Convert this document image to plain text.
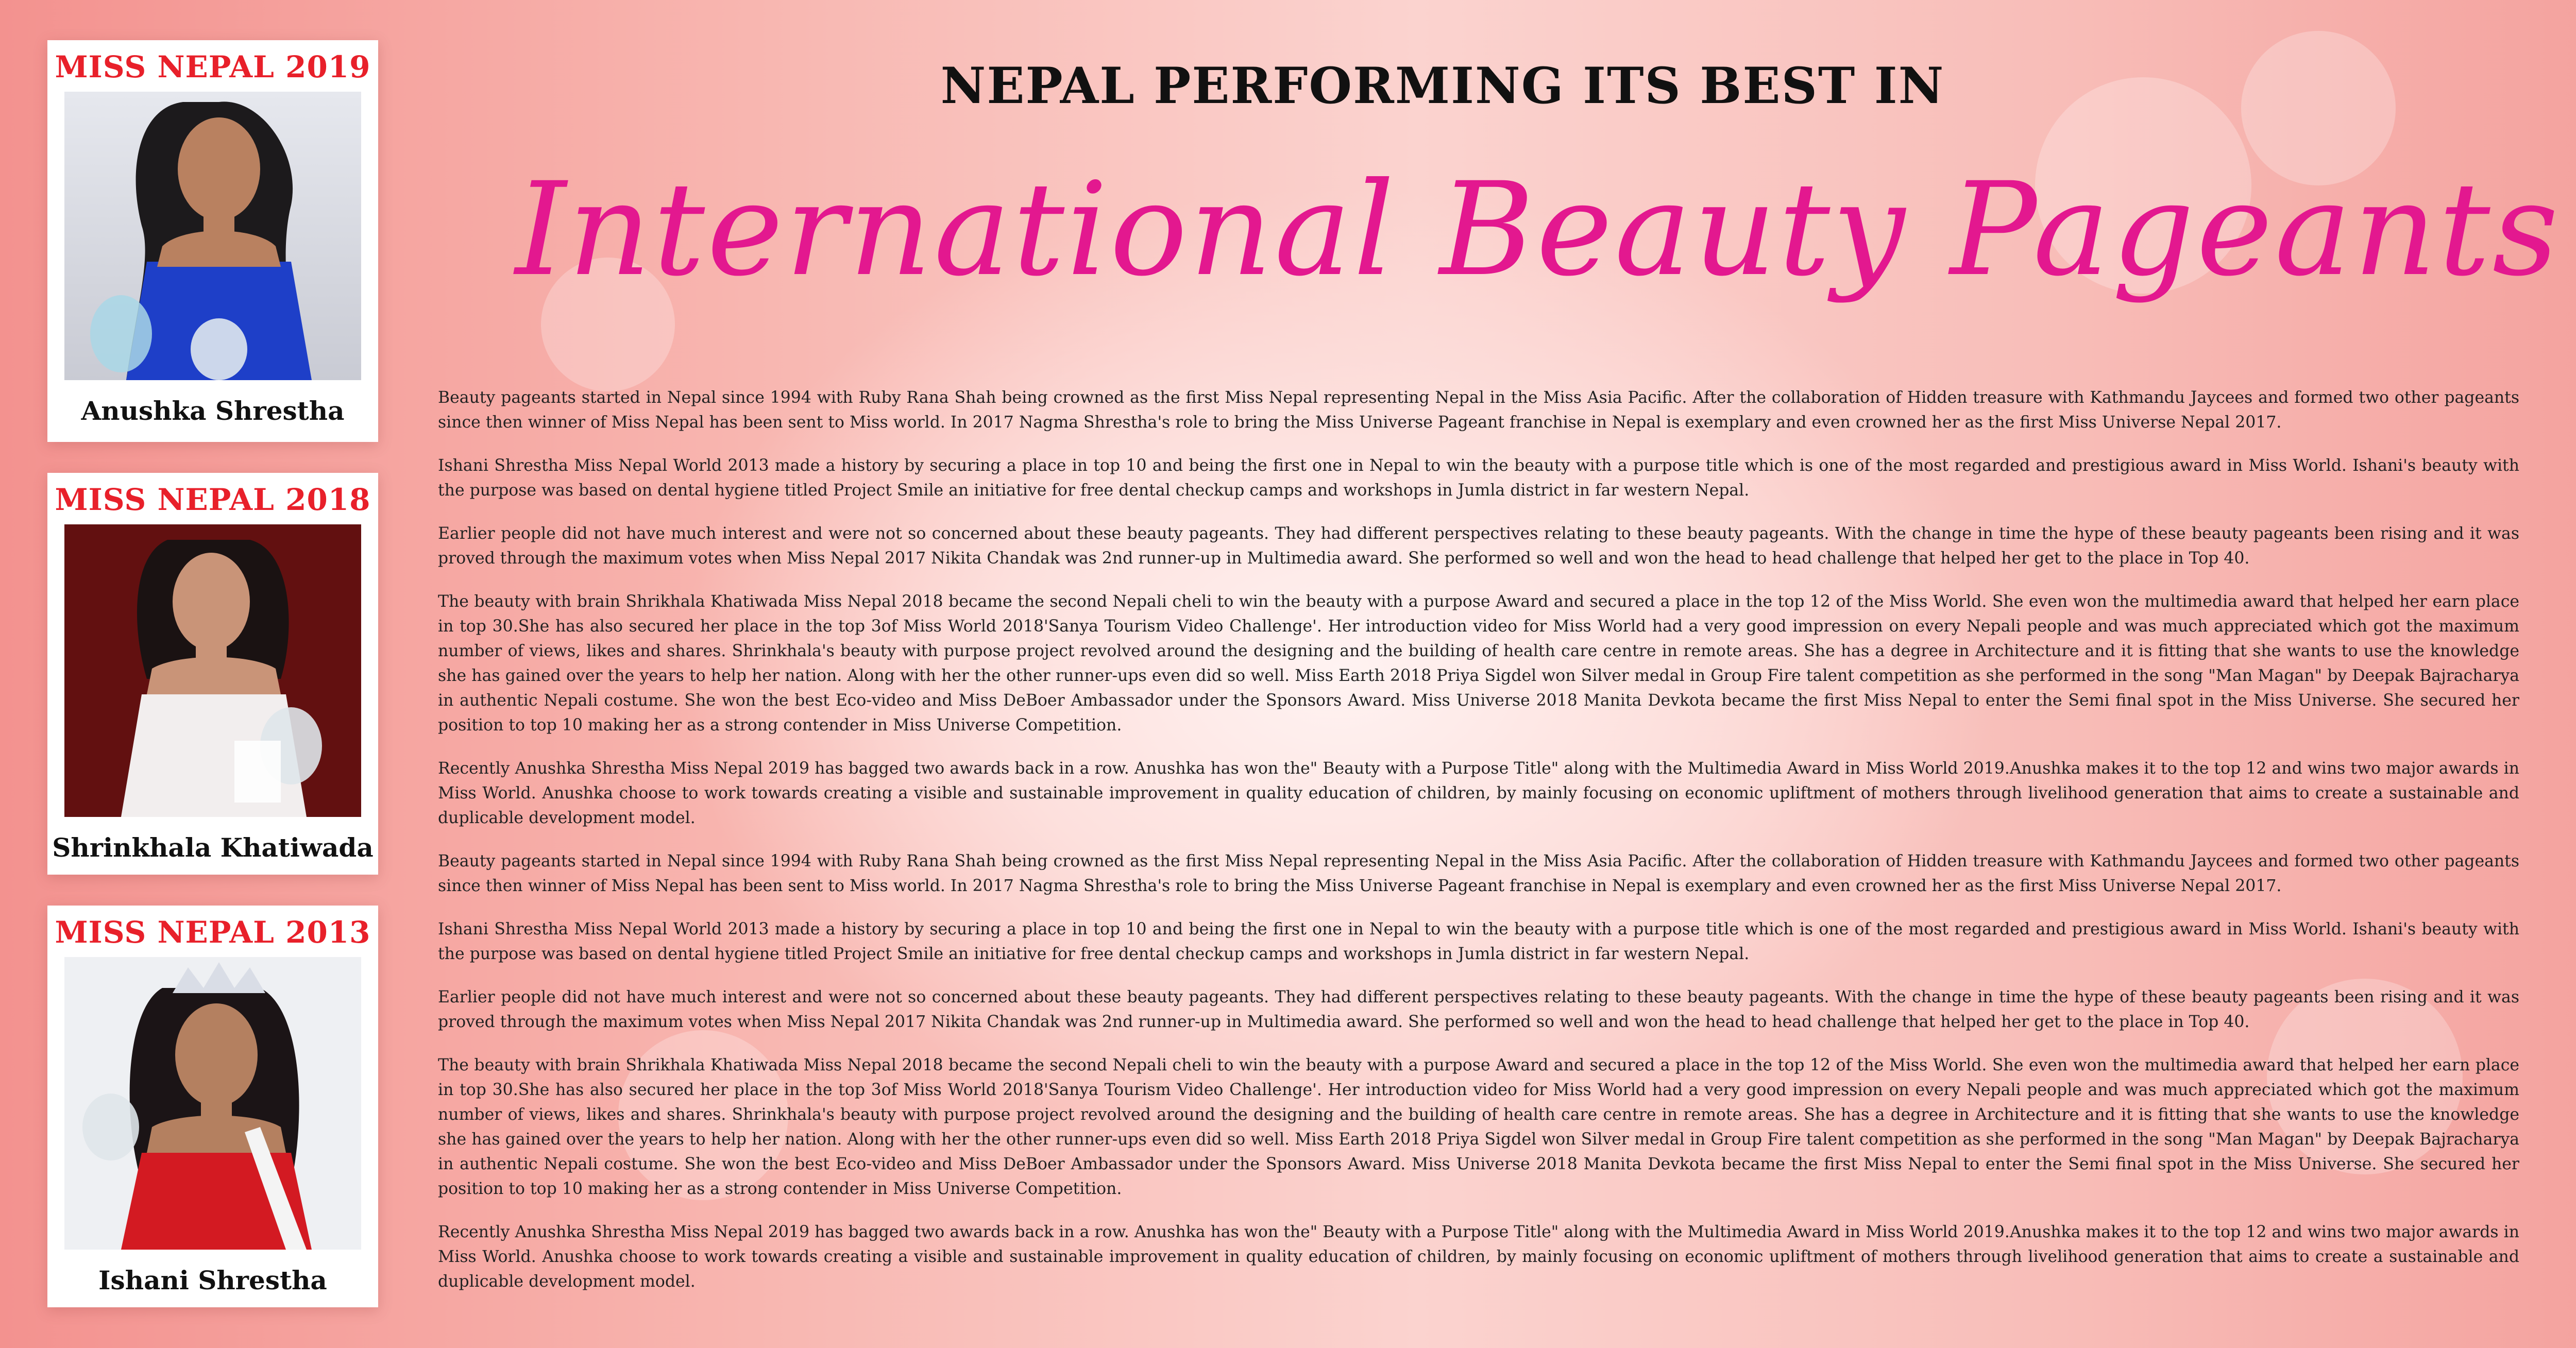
MISS NEPAL 2019
Anushka Shrestha
MISS NEPAL 2018
Shrinkhala Khatiwada
MISS NEPAL 2013
Ishani Shrestha
NEPAL PERFORMING ITS BEST IN
International Beauty Pageants

Beauty pageants started in Nepal since 1994 with Ruby Rana Shah being crowned as the first Miss Nepal representing Nepal in the Miss Asia Pacific. After the collaboration of Hidden treasure with Kathmandu Jaycees and formed two other pageants since then winner of Miss Nepal has been sent to Miss world. In 2017 Nagma Shrestha's role to bring the Miss Universe Pageant franchise in Nepal is exemplary and even crowned her as the first Miss Universe Nepal 2017.

Ishani Shrestha Miss Nepal World 2013 made a history by securing a place in top 10 and being the first one in Nepal to win the beauty with a purpose title which is one of the most regarded and prestigious award in Miss World. Ishani's beauty with the purpose was based on dental hygiene titled Project Smile an initiative for free dental checkup camps and workshops in Jumla district in far western Nepal.

Earlier people did not have much interest and were not so concerned about these beauty pageants. They had different perspectives relating to these beauty pageants. With the change in time the hype of these beauty pageants been rising and it was proved through the maximum votes when Miss Nepal 2017 Nikita Chandak was 2nd runner-up in Multimedia award. She performed so well and won the head to head challenge that helped her get to the place in Top 40.

The beauty with brain Shrikhala Khatiwada Miss Nepal 2018 became the second Nepali cheli to win the beauty with a purpose Award and secured a place in the top 12 of the Miss World. She even won the multimedia award that helped her earn place in top 30.She has also secured her place in the top 3of Miss World 2018'Sanya Tourism Video Challenge'. Her introduction video for Miss World had a very good impression on every Nepali people and was much appreciated which got the maximum number of views, likes and shares. Shrinkhala's beauty with purpose project revolved around the designing and the building of health care centre in remote areas. She has a degree in Architecture and it is fitting that she wants to use the knowledge she has gained over the years to help her nation. Along with her the other runner-ups even did so well. Miss Earth 2018 Priya Sigdel won Silver medal in Group Fire talent competition as she performed in the song "Man Magan" by Deepak Bajracharya in authentic Nepali costume. She won the best Eco-video and Miss DeBoer Ambassador under the Sponsors Award. Miss Universe 2018 Manita Devkota became the first Miss Nepal to enter the Semi final spot in the Miss Universe. She secured her position to top 10 making her as a strong contender in Miss Universe Competition.

Recently Anushka Shrestha Miss Nepal 2019 has bagged two awards back in a row. Anushka has won the" Beauty with a Purpose Title" along with the Multimedia Award in Miss World 2019.Anushka makes it to the top 12 and wins two major awards in Miss World. Anushka choose to work towards creating a visible and sustainable improvement in quality education of children, by mainly focusing on economic upliftment of mothers through livelihood generation that aims to create a sustainable and duplicable development model.

Beauty pageants started in Nepal since 1994 with Ruby Rana Shah being crowned as the first Miss Nepal representing Nepal in the Miss Asia Pacific. After the collaboration of Hidden treasure with Kathmandu Jaycees and formed two other pageants since then winner of Miss Nepal has been sent to Miss world. In 2017 Nagma Shrestha's role to bring the Miss Universe Pageant franchise in Nepal is exemplary and even crowned her as the first Miss Universe Nepal 2017.

Ishani Shrestha Miss Nepal World 2013 made a history by securing a place in top 10 and being the first one in Nepal to win the beauty with a purpose title which is one of the most regarded and prestigious award in Miss World. Ishani's beauty with the purpose was based on dental hygiene titled Project Smile an initiative for free dental checkup camps and workshops in Jumla district in far western Nepal.

Earlier people did not have much interest and were not so concerned about these beauty pageants. They had different perspectives relating to these beauty pageants. With the change in time the hype of these beauty pageants been rising and it was proved through the maximum votes when Miss Nepal 2017 Nikita Chandak was 2nd runner-up in Multimedia award. She performed so well and won the head to head challenge that helped her get to the place in Top 40.

The beauty with brain Shrikhala Khatiwada Miss Nepal 2018 became the second Nepali cheli to win the beauty with a purpose Award and secured a place in the top 12 of the Miss World. She even won the multimedia award that helped her earn place in top 30.She has also secured her place in the top 3of Miss World 2018'Sanya Tourism Video Challenge'. Her introduction video for Miss World had a very good impression on every Nepali people and was much appreciated which got the maximum number of views, likes and shares. Shrinkhala's beauty with purpose project revolved around the designing and the building of health care centre in remote areas. She has a degree in Architecture and it is fitting that she wants to use the knowledge she has gained over the years to help her nation. Along with her the other runner-ups even did so well. Miss Earth 2018 Priya Sigdel won Silver medal in Group Fire talent competition as she performed in the song "Man Magan" by Deepak Bajracharya in authentic Nepali costume. She won the best Eco-video and Miss DeBoer Ambassador under the Sponsors Award. Miss Universe 2018 Manita Devkota became the first Miss Nepal to enter the Semi final spot in the Miss Universe. She secured her position to top 10 making her as a strong contender in Miss Universe Competition.

Recently Anushka Shrestha Miss Nepal 2019 has bagged two awards back in a row. Anushka has won the" Beauty with a Purpose Title" along with the Multimedia Award in Miss World 2019.Anushka makes it to the top 12 and wins two major awards in Miss World. Anushka choose to work towards creating a visible and sustainable improvement in quality education of children, by mainly focusing on economic upliftment of mothers through livelihood generation that aims to create a sustainable and duplicable development model.
